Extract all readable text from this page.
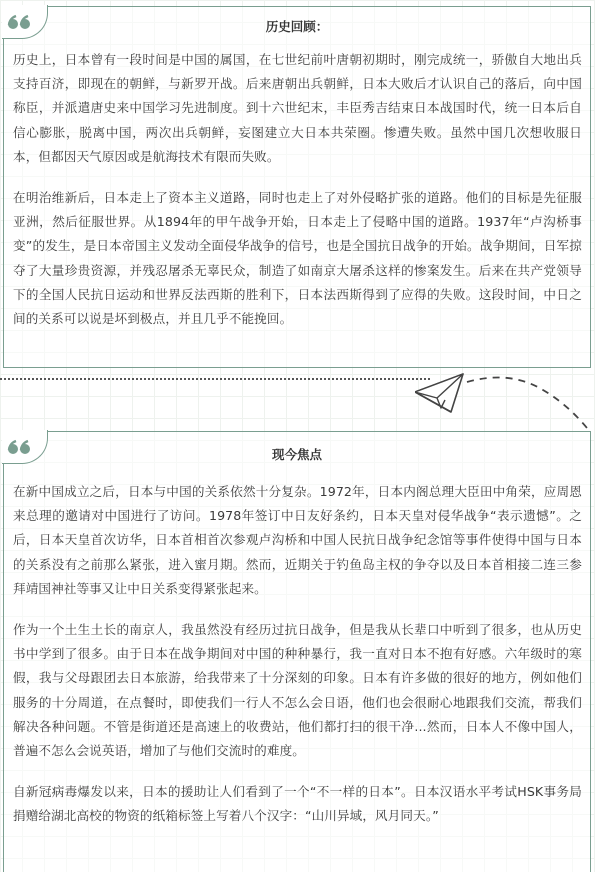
历史回顾：

历史上，日本曾有一段时间是中国的属国，在七世纪前叶唐朝初期时，刚完成统一，骄傲自大地出兵支持百济，即现在的朝鲜，与新罗开战。后来唐朝出兵朝鲜，日本大败后才认识自己的落后，向中国称臣，并派遣唐史来中国学习先进制度。到十六世纪末，丰臣秀吉结束日本战国时代，统一日本后自信心膨胀，脱离中国，两次出兵朝鲜，妄图建立大日本共荣圈。惨遭失败。虽然中国几次想收服日本，但都因天气原因或是航海技术有限而失败。

在明治维新后，日本走上了资本主义道路，同时也走上了对外侵略扩张的道路。他们的目标是先征服亚洲，然后征服世界。从1894年的甲午战争开始，日本走上了侵略中国的道路。1937年“卢沟桥事变”的发生，是日本帝国主义发动全面侵华战争的信号，也是全国抗日战争的开始。战争期间，日军掠夺了大量珍贵资源，并残忍屠杀无辜民众，制造了如南京大屠杀这样的惨案发生。后来在共产党领导下的全国人民抗日运动和世界反法西斯的胜利下，日本法西斯得到了应得的失败。这段时间，中日之间的关系可以说是坏到极点，并且几乎不能挽回。

现今焦点

在新中国成立之后，日本与中国的关系依然十分复杂。1972年，日本内阁总理大臣田中角荣，应周恩来总理的邀请对中国进行了访问。1978年签订中日友好条约，日本天皇对侵华战争“表示遗憾”。之后，日本天皇首次访华，日本首相首次参观卢沟桥和中国人民抗日战争纪念馆等事件使得中国与日本的关系没有之前那么紧张，进入蜜月期。然而，近期关于钓鱼岛主权的争夺以及日本首相接二连三参拜靖国神社等事又让中日关系变得紧张起来。

作为一个土生土长的南京人，我虽然没有经历过抗日战争，但是我从长辈口中听到了很多，也从历史书中学到了很多。由于日本在战争期间对中国的种种暴行，我一直对日本不抱有好感。六年级时的寒假，我与父母跟团去日本旅游，给我带来了十分深刻的印象。日本有许多做的很好的地方，例如他们服务的十分周道，在点餐时，即使我们一行人不怎么会日语，他们也会很耐心地跟我们交流，帮我们解决各种问题。不管是街道还是高速上的收费站，他们都打扫的很干净...然而，日本人不像中国人，普遍不怎么会说英语，增加了与他们交流时的难度。

自新冠病毒爆发以来，日本的援助让人们看到了一个“不一样的日本”。日本汉语水平考试HSK事务局捐赠给湖北高校的物资的纸箱标签上写着八个汉字：“山川异域，风月同天。”
